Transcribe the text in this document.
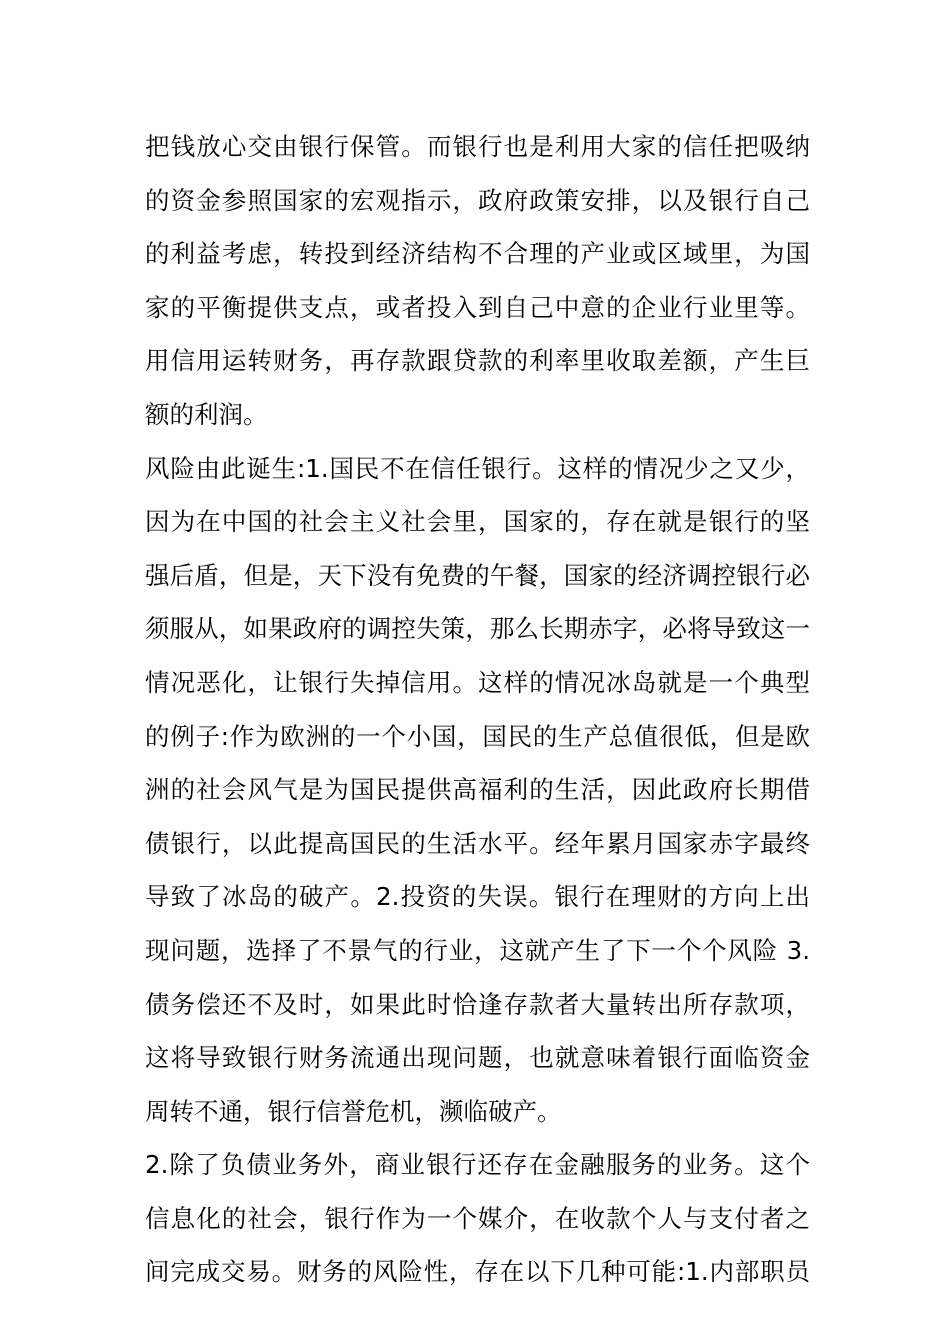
把钱放心交由银行保管。而银行也是利用大家的信任把吸纳
的资金参照国家的宏观指示，政府政策安排，以及银行自己
的利益考虑，转投到经济结构不合理的产业或区域里，为国
家的平衡提供支点，或者投入到自己中意的企业行业里等。
用信用运转财务，再存款跟贷款的利率里收取差额，产生巨
额的利润。
风险由此诞生:1.国民不在信任银行。这样的情况少之又少，
因为在中国的社会主义社会里，国家的，存在就是银行的坚
强后盾，但是，天下没有免费的午餐，国家的经济调控银行必
须服从，如果政府的调控失策，那么长期赤字，必将导致这一
情况恶化，让银行失掉信用。这样的情况冰岛就是一个典型
的例子:作为欧洲的一个小国，国民的生产总值很低，但是欧
洲的社会风气是为国民提供高福利的生活，因此政府长期借
债银行，以此提高国民的生活水平。经年累月国家赤字最终
导致了冰岛的破产。2.投资的失误。银行在理财的方向上出
现问题，选择了不景气的行业，这就产生了下一个个风险 3.
债务偿还不及时，如果此时恰逢存款者大量转出所存款项，
这将导致银行财务流通出现问题，也就意味着银行面临资金
周转不通，银行信誉危机，濒临破产。
2.除了负债业务外，商业银行还存在金融服务的业务。这个
信息化的社会，银行作为一个媒介，在收款个人与支付者之
间完成交易。财务的风险性，存在以下几种可能:1.内部职员
